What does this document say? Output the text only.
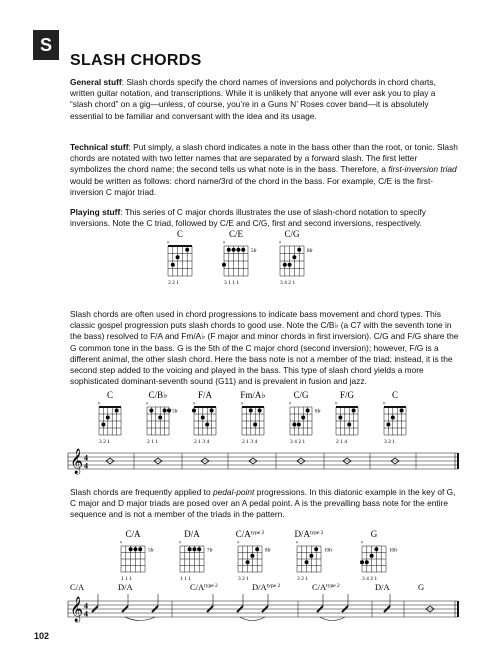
S
SLASH CHORDS
General stuff: Slash chords specify the chord names of inversions and polychords in chord charts, written guitar notation, and transcriptions. While it is unlikely that anyone will ever ask you to play a “slash chord” on a gig—unless, of course, you’re in a Guns N’ Roses cover band—it is absolutely essential to be familiar and conversant with the idea and its usage.
Technical stuff: Put simply, a slash chord indicates a note in the bass other than the root, or tonic. Slash chords are notated with two letter names that are separated by a forward slash. The first letter symbolizes the chord name; the second tells us what note is in the bass. Therefore, a first-inversion triad would be written as follows: chord name/3rd of the chord in the bass. For example, C/E is the first-inversion C major triad.
Playing stuff: This series of C major chords illustrates the use of slash-chord notation to specify inversions. Note the C triad, followed by C/E and C/G, first and second inversions, respectively.
Slash chords are often used in chord progressions to indicate bass movement and chord types. This classic gospel progression puts slash chords to good use. Note the C/B♭ (a C7 with the seventh tone in the bass) resolved to F/A and Fm/A♭ (F major and minor chords in first inversion). C/G and F/G share the G common tone in the bass. G is the 5th of the C major chord (second inversion); however, F/G is a different animal, the other slash chord. Here the bass note is not a member of the triad; instead, it is the second step added to the voicing and played in the bass. This type of slash chord yields a more sophisticated dominant-seventh sound (G11) and is prevalent in fusion and jazz.
Slash chords are frequently applied to pedal-point progressions. In this diatonic example in the key of G, C major and D major triads are posed over an A pedal point. A is the prevalling bass note for the entire sequence and is not a member of the triads in the pattern.
C
×
3 2 1
C/E
×
5fr
3 1 1 1
C/G
×
8fr
3 4 2 1
C
×
3 2 1
C/B♭
×
5fr
2 1 1
F/A
×
2 1 3 4
Fm/A♭
×
2 1 3 4
C/G
×
8fr
3 4 2 1
F/G
×
2 1 4
C
×
3 2 1
𝄞 4
4
C/A
×
5fr
1 1 1
D/A
×
7fr
1 1 1
$C/A^{type 2}$
×
8fr
3 2 1
$D/A^{type 2}$
×
10fr
3 2 1
G
×
10fr
3 4 2 1
C/A	D/A	$C/A^{type 2}$	$D/A^{type 2}$	$C/A^{type 2}$	D/A	G
𝄞 4
4
102
